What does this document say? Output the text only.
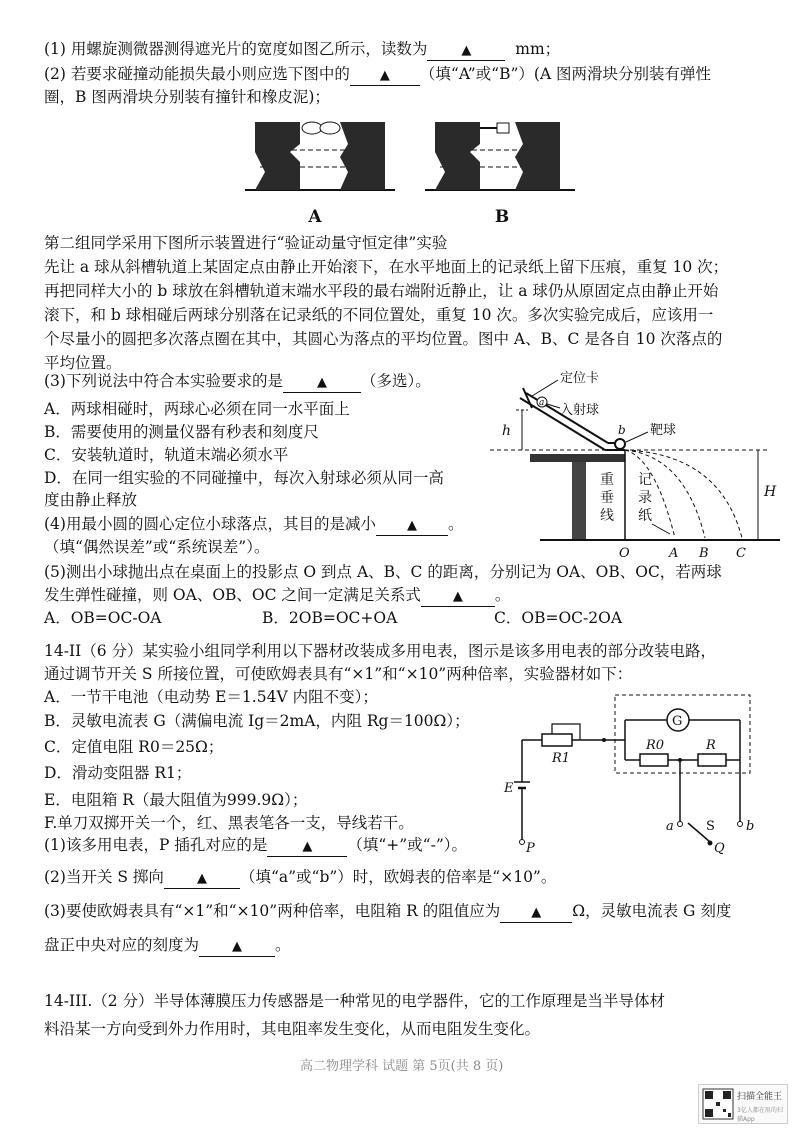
(1) 用螺旋测微器测得遮光片的宽度如图乙所示，读数为	▲	mm；
(2) 若要求碰撞动能损失最小则应选下图中的 ▲ （填“A”或“B”）(A 图两滑块分别装有弹性
圈，B 图两滑块分别装有撞针和橡皮泥)；
A	B
第二组同学采用下图所示装置进行“验证动量守恒定律”实验
先让 a 球从斜槽轨道上某固定点由静止开始滚下，在水平地面上的记录纸上留下压痕，重复 10 次；
再把同样大小的 b 球放在斜槽轨道末端水平段的最右端附近静止，让 a 球仍从原固定点由静止开始
滚下，和 b 球相碰后两球分别落在记录纸的不同位置处，重复 10 次。多次实验完成后，应该用一
个尽量小的圆把多次落点圈在其中，其圆心为落点的平均位置。图中 A、B、C 是各自 10 次落点的
平均位置。
(3)下列说法中符合本实验要求的是	▲ （多选）。
A．两球相碰时，两球心必须在同一水平面上
B．需要使用的测量仪器有秒表和刻度尺
C．安装轨道时，轨道末端必须水平
D．在同一组实验的不同碰撞中，每次入射球必须从同一高
度由静止释放
(4)用最小圆的圆心定位小球落点，其目的是减小 ▲ 。
（填“偶然误差”或“系统误差”）。
(5)测出小球抛出点在桌面上的投影点 O 到点 A、B、C 的距离，分别记为 OA、OB、OC，若两球
发生弹性碰撞，则 OA、OB、OC 之间一定满足关系式 ▲ 。
A．OB=OC-OA	B．2OB=OC+OA	C．OB=OC-2OA
定位卡
a 入射球
h	b 靶球
重
垂
线
记
录
纸
H
O	A B C
14-II（6 分）某实验小组同学利用以下器材改装成多用电表，图示是该多用电表的部分改装电路，
通过调节开关 S 所接位置，可使欧姆表具有“×1”和“×10”两种倍率，实验器材如下：
A．一节干电池（电动势 E＝1.54V 内阻不变）；
B．灵敏电流表 G（满偏电流 Ig＝2mA，内阻 Rg＝100Ω）；
C．定值电阻 R0＝25Ω；
D．滑动变阻器 R1；
E．电阻箱 R（最大阻值为999.9Ω）；
F.单刀双掷开关一个，红、黑表笔各一支，导线若干。
(1)该多用电表，P 插孔对应的是	▲ （填“+”或“-”）。
(2)当开关 S 掷向	▲ （填“a”或“b”）时，欧姆表的倍率是“×10”。
(3)要使欧姆表具有“×1”和“×10”两种倍率，电阻箱 R 的阻值应为 ▲ Ω，灵敏电流表 G 刻度
盘正中央对应的刻度为	▲ 。
G
R0	R
R1
E
P
a	b
S
Q
14-III.（2 分）半导体薄膜压力传感器是一种常见的电学器件，它的工作原理是当半导体材
料沿某一方向受到外力作用时，其电阻率发生变化，从而电阻发生变化。
高二物理学科 试题 第 5页(共 8 页)
扫描全能王
3亿人都在用的扫描App
